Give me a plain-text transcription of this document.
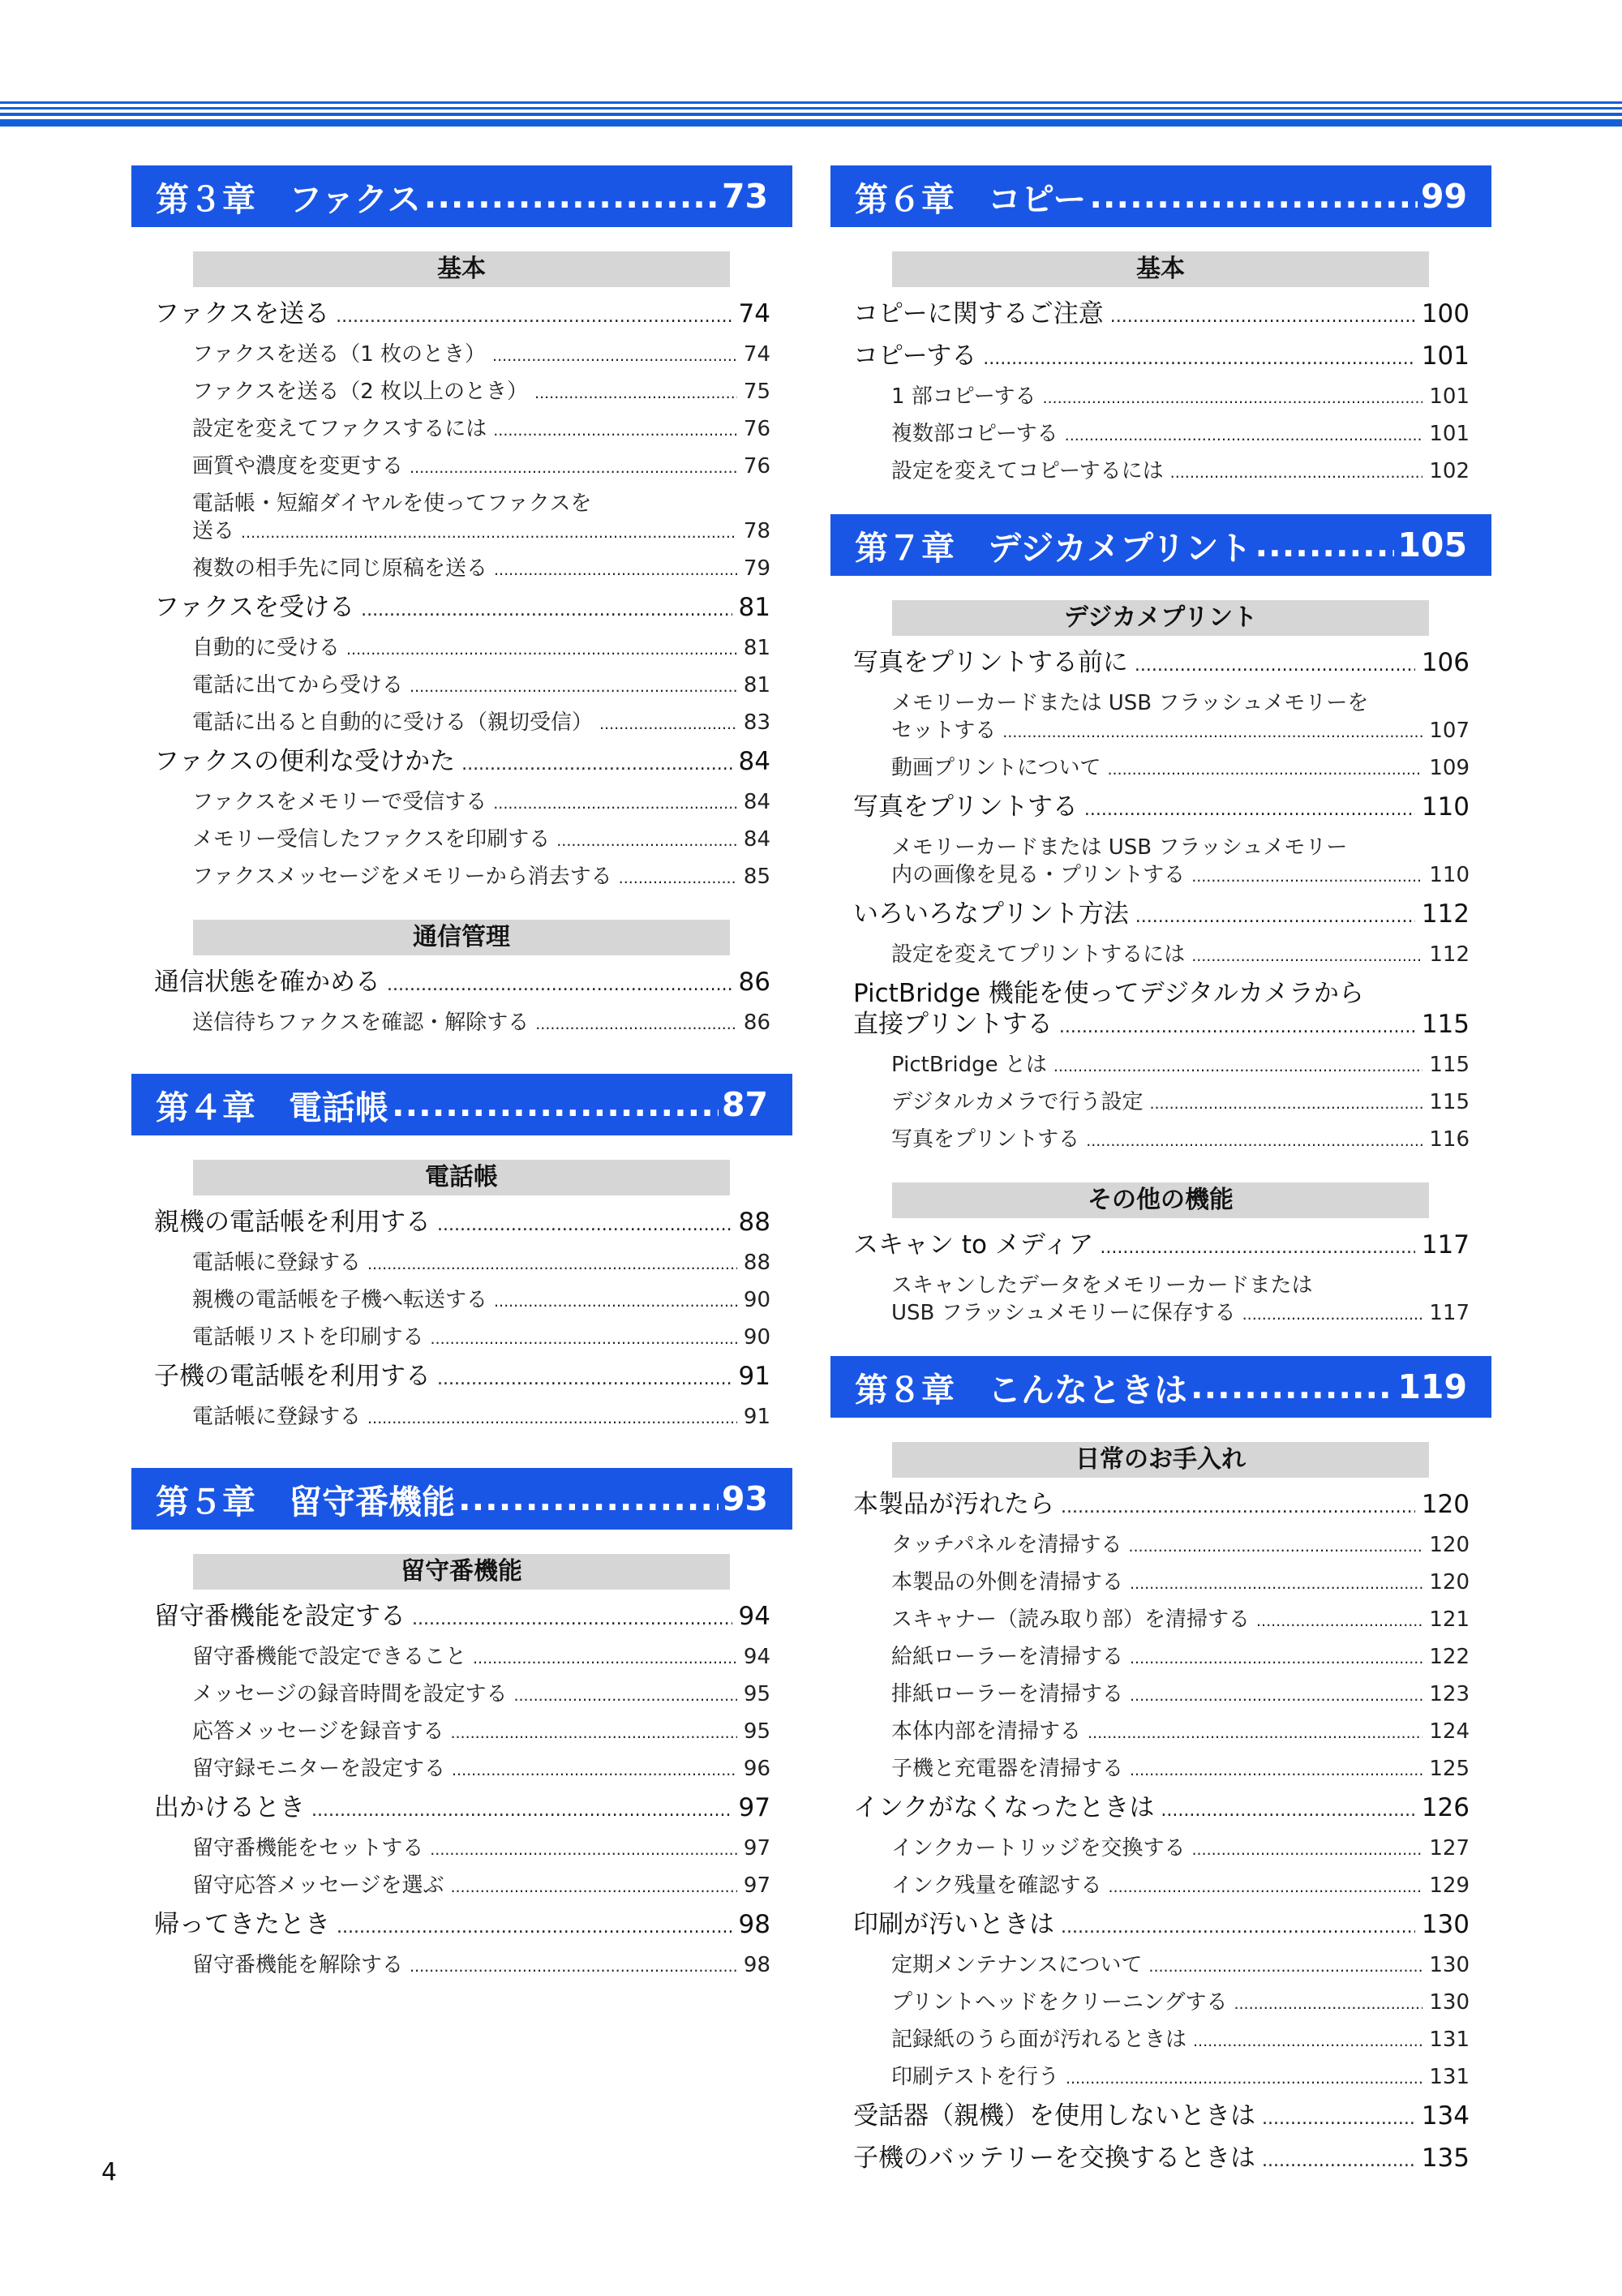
第３章　ファクス .....	73
基本
ファクスを送る .....	74
ファクスを送る（1 枚のとき） .....	74
ファクスを送る（2 枚以上のとき） .....	75
設定を変えてファクスするには .....	76
画質や濃度を変更する .....	76
電話帳・短縮ダイヤルを使ってファクスを
送る .....	78
複数の相手先に同じ原稿を送る .....	79
ファクスを受ける .....	81
自動的に受ける .....	81
電話に出てから受ける .....	81
電話に出ると自動的に受ける（親切受信） .....	83
ファクスの便利な受けかた .....	84
ファクスをメモリーで受信する .....	84
メモリー受信したファクスを印刷する .....	84
ファクスメッセージをメモリーから消去する .....	85
通信管理
通信状態を確かめる .....	86
送信待ちファクスを確認・解除する .....	86
第４章　電話帳 .....	87
電話帳
親機の電話帳を利用する .....	88
電話帳に登録する .....	88
親機の電話帳を子機へ転送する .....	90
電話帳リストを印刷する .....	90
子機の電話帳を利用する .....	91
電話帳に登録する .....	91
第５章　留守番機能 .....	93
留守番機能
留守番機能を設定する .....	94
留守番機能で設定できること .....	94
メッセージの録音時間を設定する .....	95
応答メッセージを録音する .....	95
留守録モニターを設定する .....	96
出かけるとき .....	97
留守番機能をセットする .....	97
留守応答メッセージを選ぶ .....	97
帰ってきたとき .....	98
留守番機能を解除する .....	98
第６章　コピー .....	99
基本
コピーに関するご注意 .....	100
コピーする .....	101
1 部コピーする .....	101
複数部コピーする .....	101
設定を変えてコピーするには .....	102
第７章　デジカメプリント .....	105
デジカメプリント
写真をプリントする前に .....	106
メモリーカードまたは USB フラッシュメモリーを
セットする .....	107
動画プリントについて .....	109
写真をプリントする .....	110
メモリーカードまたは USB フラッシュメモリー
内の画像を見る・プリントする .....	110
いろいろなプリント方法 .....	112
設定を変えてプリントするには .....	112
PictBridge 機能を使ってデジタルカメラから
直接プリントする .....	115
PictBridge とは .....	115
デジタルカメラで行う設定 .....	115
写真をプリントする .....	116
その他の機能
スキャン to メディア .....	117
スキャンしたデータをメモリーカードまたは
USB フラッシュメモリーに保存する .....	117
第８章　こんなときは .....	119
日常のお手入れ
本製品が汚れたら .....	120
タッチパネルを清掃する .....	120
本製品の外側を清掃する .....	120
スキャナー（読み取り部）を清掃する .....	121
給紙ローラーを清掃する .....	122
排紙ローラーを清掃する .....	123
本体内部を清掃する .....	124
子機と充電器を清掃する .....	125
インクがなくなったときは .....	126
インクカートリッジを交換する .....	127
インク残量を確認する .....	129
印刷が汚いときは .....	130
定期メンテナンスについて .....	130
プリントヘッドをクリーニングする .....	130
記録紙のうら面が汚れるときは .....	131
印刷テストを行う .....	131
受話器（親機）を使用しないときは .....	134
子機のバッテリーを交換するときは .....	135
4
